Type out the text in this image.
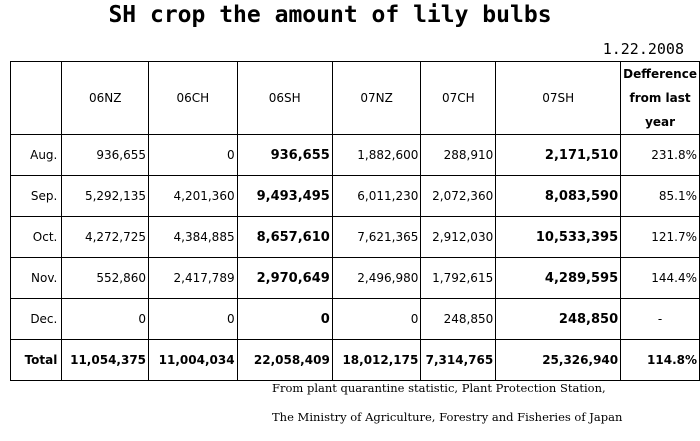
SH crop the amount of lily bulbs
1.22.2008
	06NZ	06CH	06SH	07NZ	07CH	07SH	Defference
from last year

Aug.	936,655	0	936,655	1,882,600	288,910	2,171,510	231.8%
Sep.	5,292,135	4,201,360	9,493,495	6,011,230	2,072,360	8,083,590	85.1%
Oct.	4,272,725	4,384,885	8,657,610	7,621,365	2,912,030	10,533,395	121.7%
Nov.	552,860	2,417,789	2,970,649	2,496,980	1,792,615	4,289,595	144.4%
Dec.	0	0	0	0	248,850	248,850	-
Total	11,054,375	11,004,034	22,058,409	18,012,175	7,314,765	25,326,940	114.8%
From plant quarantine statistic, Plant Protection Station,
The Ministry of Agriculture, Forestry and Fisheries of Japan
